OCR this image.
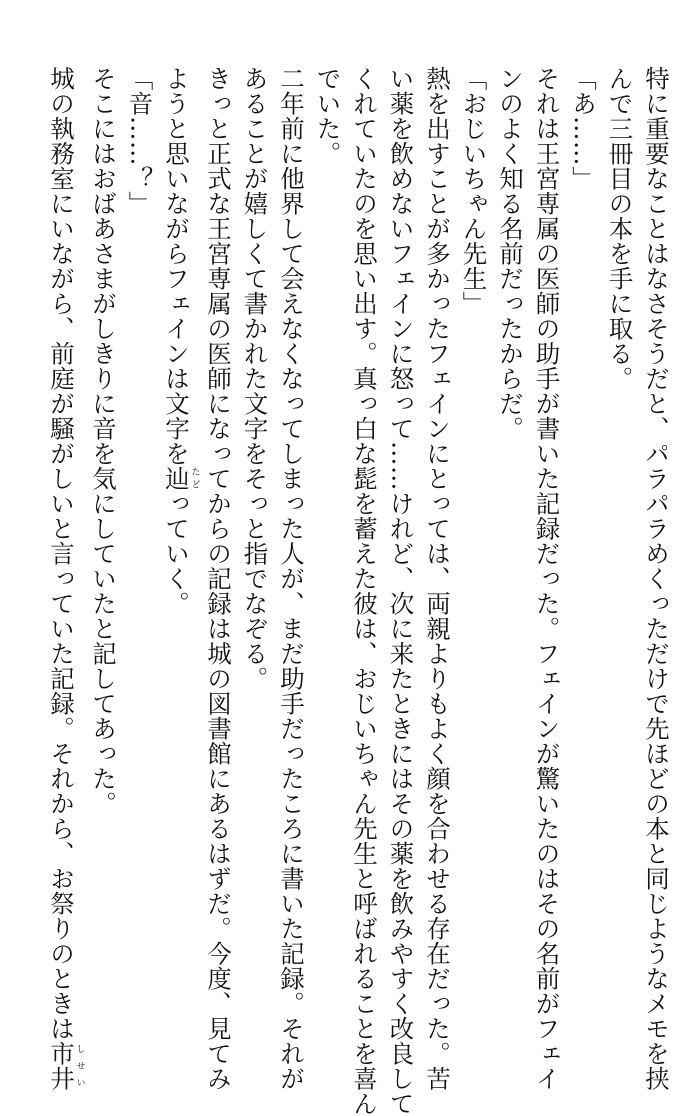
特に重要なことはなさそうだと、パラパラめくっただけで先ほどの本と同じようなメモを挟
んで三冊目の本を手に取る。
「あ……」
それは王宮専属の医師の助手が書いた記録だった。フェインが驚いたのはその名前がフェイ
ンのよく知る名前だったからだ。
「おじいちゃん先生」
熱を出すことが多かったフェインにとっては、両親よりもよく顔を合わせる存在だった。苦
い薬を飲めないフェインに怒って……けれど、次に来たときにはその薬を飲みやすく改良して
くれていたのを思い出す。真っ白な髭を蓄えた彼は、おじいちゃん先生と呼ばれることを喜ん
でいた。
二年前に他界して会えなくなってしまった人が、まだ助手だったころに書いた記録。それが
あることが嬉しくて書かれた文字をそっと指でなぞる。
きっと正式な王宮専属の医師になってからの記録は城の図書館にあるはずだ。今度、見てみ
ようと思いながらフェインは文字を辿たどっていく。
「音……？」
そこにはおばあさまがしきりに音を気にしていたと記してあった。
城の執務室にいながら、前庭が騒がしいと言っていた記録。それから、お祭りのときは市井しせい
